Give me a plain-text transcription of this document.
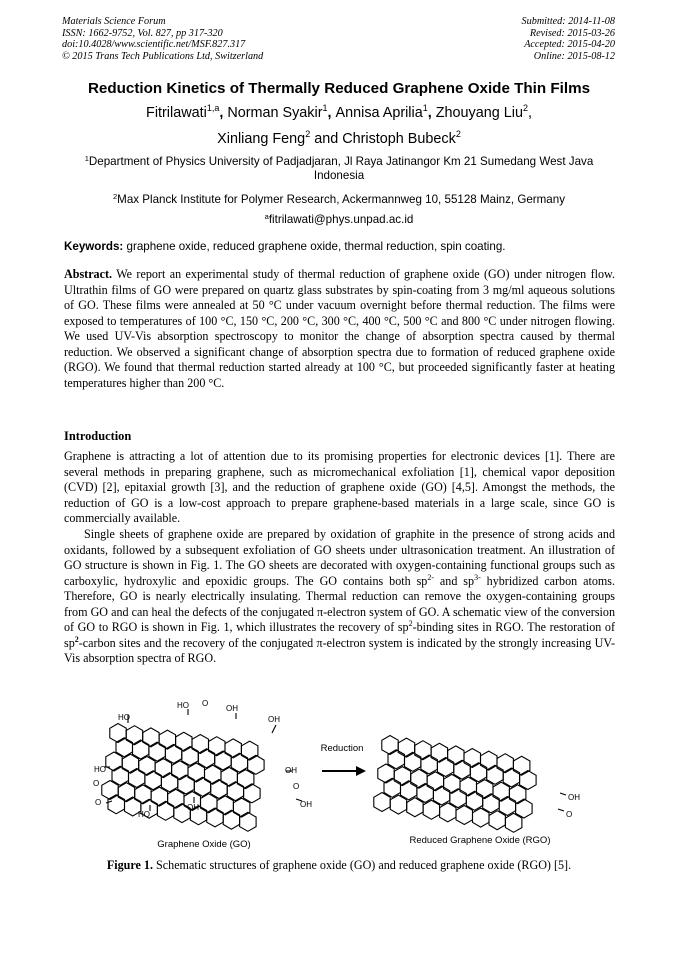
Materials Science Forum
ISSN: 1662-9752, Vol. 827, pp 317-320
doi:10.4028/www.scientific.net/MSF.827.317
© 2015 Trans Tech Publications Ltd, Switzerland
Submitted: 2014-11-08
Revised: 2015-03-26
Accepted: 2015-04-20
Online: 2015-08-12
Reduction Kinetics of Thermally Reduced Graphene Oxide Thin Films
Fitrilawati$^{1,a}$, Norman Syakir$^1$, Annisa Aprilia$^1$, Zhouyang Liu$^2$,
Xinliang Feng$^2$ and Christoph Bubeck$^2$
$^1$Department of Physics University of Padjadjaran, Jl Raya Jatinangor Km 21 Sumedang West Java Indonesia
$^2$Max Planck Institute for Polymer Research, Ackermannweg 10, 55128 Mainz, Germany
$^a$fitrilawati@phys.unpad.ac.id
Keywords: graphene oxide, reduced graphene oxide, thermal reduction, spin coating.
Abstract. We report an experimental study of thermal reduction of graphene oxide (GO) under nitrogen flow. Ultrathin films of GO were prepared on quartz glass substrates by spin-coating from 3 mg/ml aqueous solutions of GO. These films were annealed at 50 °C under vacuum overnight before thermal reduction. The films were exposed to temperatures of 100 °C, 150 °C, 200 °C, 300 °C, 400 °C, 500 °C and 800 °C under nitrogen flowing. We used UV-Vis absorption spectroscopy to monitor the change of absorption spectra caused by thermal reduction. We observed a significant change of absorption spectra due to formation of reduced graphene oxide (RGO). We found that thermal reduction started already at 100 °C, but proceeded significantly faster at heating temperatures higher than 200 °C.
Introduction
Graphene is attracting a lot of attention due to its promising properties for electronic devices [1]. There are several methods in preparing graphene, such as micromechanical exfoliation [1], chemical vapor deposition (CVD) [2], epitaxial growth [3], and the reduction of graphene oxide (GO) [4,5]. Amongst the methods, the reduction of GO is a low-cost approach to prepare graphene-based materials in a large scale, since GO is commercially available.
Single sheets of graphene oxide are prepared by oxidation of graphite in the presence of strong acids and oxidants, followed by a subsequent exfoliation of GO sheets under ultrasonication treatment. An illustration of GO structure is shown in Fig. 1. The GO sheets are decorated with oxygen-containing functional groups such as carboxylic, hydroxylic and epoxidic groups. The GO contains both $sp^{2-}$ and $sp^{3-}$ hybridized carbon atoms. Therefore, GO is nearly electrically insulating. Thermal reduction can remove the oxygen-containing groups from GO and can heal the defects of the conjugated π-electron system of GO. A schematic view of the conversion of GO to RGO is shown in Fig. 1, which illustrates the recovery of $sp^2$-binding sites in RGO. The restoration of $sp^2$-carbon sites and the recovery of the conjugated π-electron system is indicated by the strongly increasing UV-Vis absorption spectra of RGO.
HO
HO O
OH
OH
HO
O
O
HO
OH
OH
O
OH
OH
O
Reduction
Graphene Oxide (GO)	Reduced Graphene Oxide (RGO)
Figure 1. Schematic structures of graphene oxide (GO) and reduced graphene oxide (RGO) [5].
